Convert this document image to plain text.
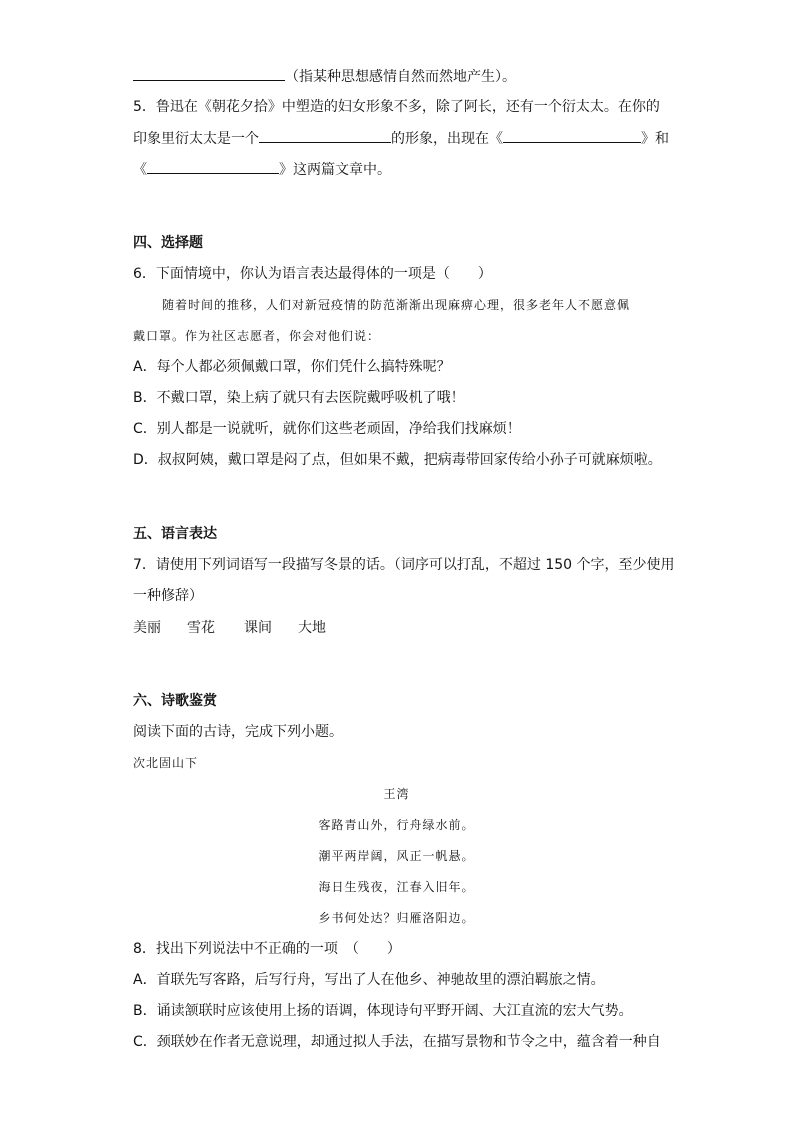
（指某种思想感情自然而然地产生）。
5．鲁迅在《朝花夕拾》中塑造的妇女形象不多，除了阿长，还有一个衍太太。在你的
印象里衍太太是一个	的形象，出现在《	》和
《	》这两篇文章中。
四、选择题
6．下面情境中，你认为语言表达最得体的一项是（　　）
随着时间的推移，人们对新冠疫情的防范渐渐出现麻痹心理，很多老年人不愿意佩
戴口罩。作为社区志愿者，你会对他们说：
A．每个人都必须佩戴口罩，你们凭什么搞特殊呢？
B．不戴口罩，染上病了就只有去医院戴呼吸机了哦！
C．别人都是一说就听，就你们这些老顽固，净给我们找麻烦！
D．叔叔阿姨，戴口罩是闷了点，但如果不戴，把病毒带回家传给小孙子可就麻烦啦。
五、语言表达
7．请使用下列词语写一段描写冬景的话。（词序可以打乱，不超过 150 个字，至少使用
一种修辞）
美丽 雪花 课间 大地
六、诗歌鉴赏
阅读下面的古诗，完成下列小题。
次北固山下
王湾
客路青山外，行舟绿水前。
潮平两岸阔，风正一帆悬。
海日生残夜，江春入旧年。
乡书何处达？归雁洛阳边。
8．找出下列说法中不正确的一项　（　　）
A．首联先写客路，后写行舟，写出了人在他乡、神驰故里的漂泊羁旅之情。
B．诵读颔联时应该使用上扬的语调，体现诗句平野开阔、大江直流的宏大气势。
C．颈联妙在作者无意说理，却通过拟人手法，在描写景物和节令之中，蕴含着一种自
